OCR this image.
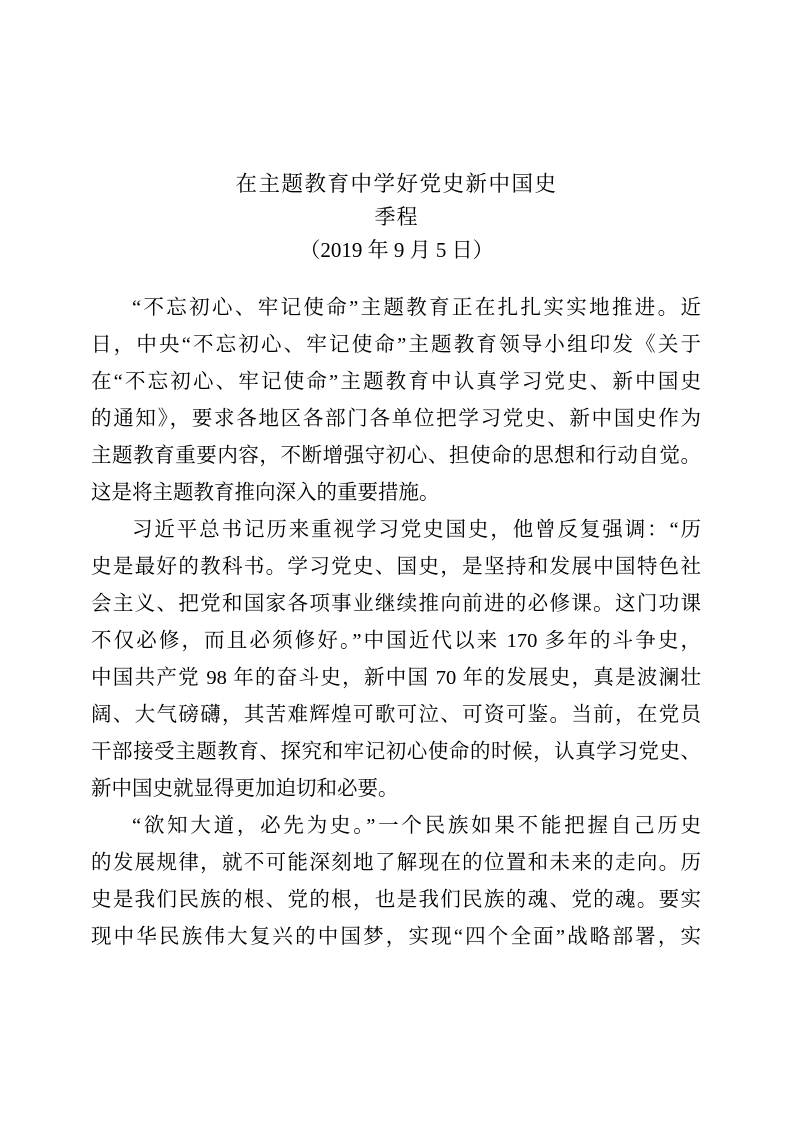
在主题教育中学好党史新中国史
季程
（2019 年 9 月 5 日）
“不忘初心、牢记使命”主题教育正在扎扎实实地推进。近
日，中央“不忘初心、牢记使命”主题教育领导小组印发《关于
在“不忘初心、牢记使命”主题教育中认真学习党史、新中国史
的通知》，要求各地区各部门各单位把学习党史、新中国史作为
主题教育重要内容，不断增强守初心、担使命的思想和行动自觉。
这是将主题教育推向深入的重要措施。
习近平总书记历来重视学习党史国史，他曾反复强调：“历
史是最好的教科书。学习党史、国史，是坚持和发展中国特色社
会主义、把党和国家各项事业继续推向前进的必修课。这门功课
不仅必修，而且必须修好。”中国近代以来 170 多年的斗争史，
中国共产党 98 年的奋斗史，新中国 70 年的发展史，真是波澜壮
阔、大气磅礴，其苦难辉煌可歌可泣、可资可鉴。当前，在党员
干部接受主题教育、探究和牢记初心使命的时候，认真学习党史、
新中国史就显得更加迫切和必要。
“欲知大道，必先为史。”一个民族如果不能把握自己历史
的发展规律，就不可能深刻地了解现在的位置和未来的走向。历
史是我们民族的根、党的根，也是我们民族的魂、党的魂。要实
现中华民族伟大复兴的中国梦，实现“四个全面”战略部署，实
